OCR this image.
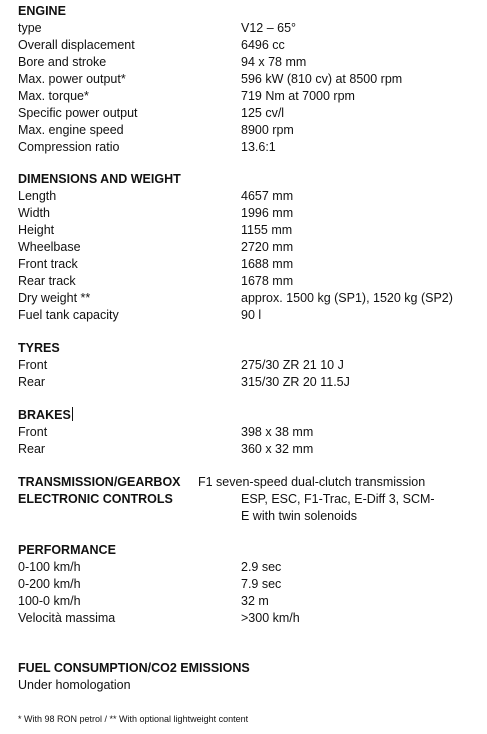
ENGINE
type	V12 – 65°
Overall displacement	6496 cc
Bore and stroke	94 x 78 mm
Max. power output*	596 kW (810 cv) at 8500 rpm
Max. torque*	719 Nm at 7000 rpm
Specific power output	125 cv/l
Max. engine speed	8900 rpm
Compression ratio	13.6:1
DIMENSIONS AND WEIGHT
Length	4657 mm
Width	1996 mm
Height	1155 mm
Wheelbase	2720 mm
Front track	1688 mm
Rear track	1678 mm
Dry weight **	approx. 1500 kg (SP1), 1520 kg (SP2)
Fuel tank capacity	90 l
TYRES
Front	275/30 ZR 21 10 J
Rear	315/30 ZR 20 11.5J
BRAKES
Front	398 x 38 mm
Rear	360 x 32 mm
TRANSMISSION/GEARBOX F1 seven-speed dual-clutch transmission
ELECTRONIC CONTROLS	ESP, ESC, F1-Trac, E-Diff 3, SCM-
E with twin solenoids
PERFORMANCE
0-100 km/h	2.9 sec
0-200 km/h	7.9 sec
100-0 km/h	32 m
Velocità massima	>300 km/h
FUEL CONSUMPTION/CO2 EMISSIONS
Under homologation
* With 98 RON petrol / ** With optional lightweight content
